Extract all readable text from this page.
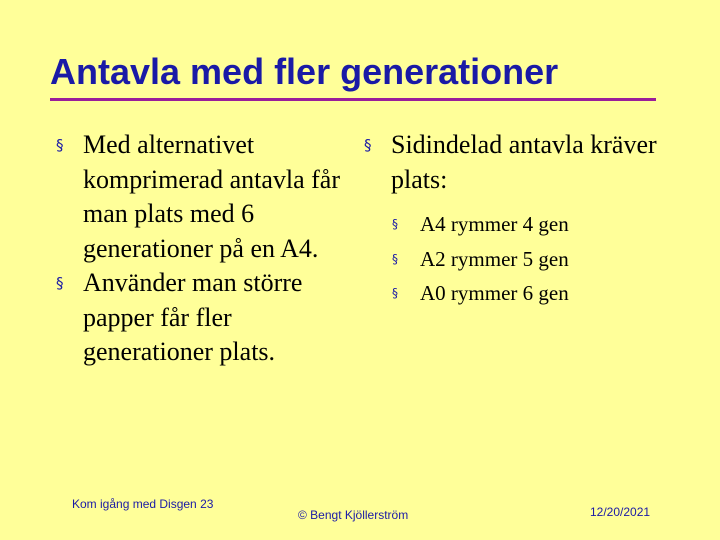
Antavla med fler generationer
§ Med alternativet komprimerad antavla får man plats med 6 generationer på en A4.
§ Använder man större papper får fler generationer plats.
§ Sidindelad antavla kräver plats:
§	A4 rymmer 4 gen
§	A2 rymmer 5 gen
§	A0 rymmer 6 gen
Kom igång med Disgen 23
© Bengt Kjöllerström	12/20/2021
